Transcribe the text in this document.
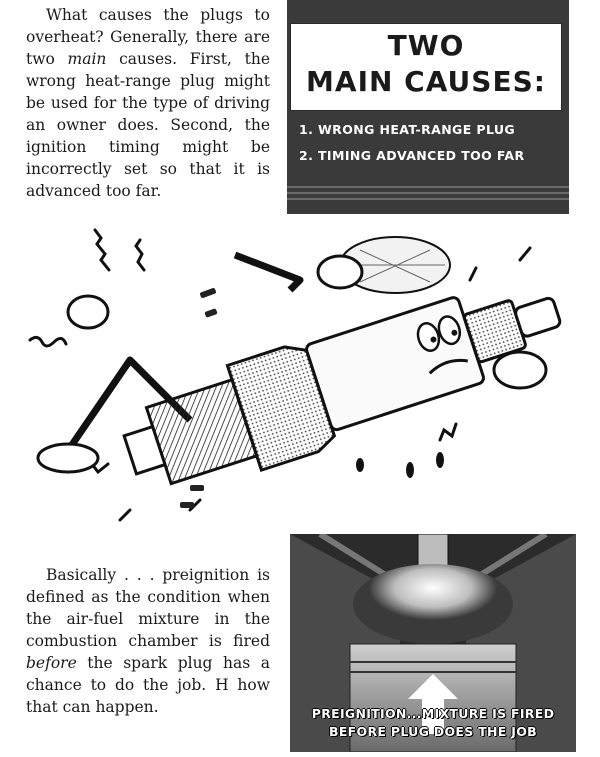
What causes the plugs to overheat? Generally, there are two main causes. First, the wrong heat-range plug might be used for the type of driving an owner does. Second, the ignition timing might be incorrectly set so that it is advanced too far.

TWO
MAIN CAUSES:
1. WRONG HEAT-RANGE PLUG
2. TIMING ADVANCED TOO FAR

Basically . . . preignition is defined as the condition when the air-fuel mixture in the combustion chamber is fired before the spark plug has a chance to do the job. H how that can happen.	PREIGNITION...MIXTURE IS FIRED
BEFORE PLUG DOES THE JOB
